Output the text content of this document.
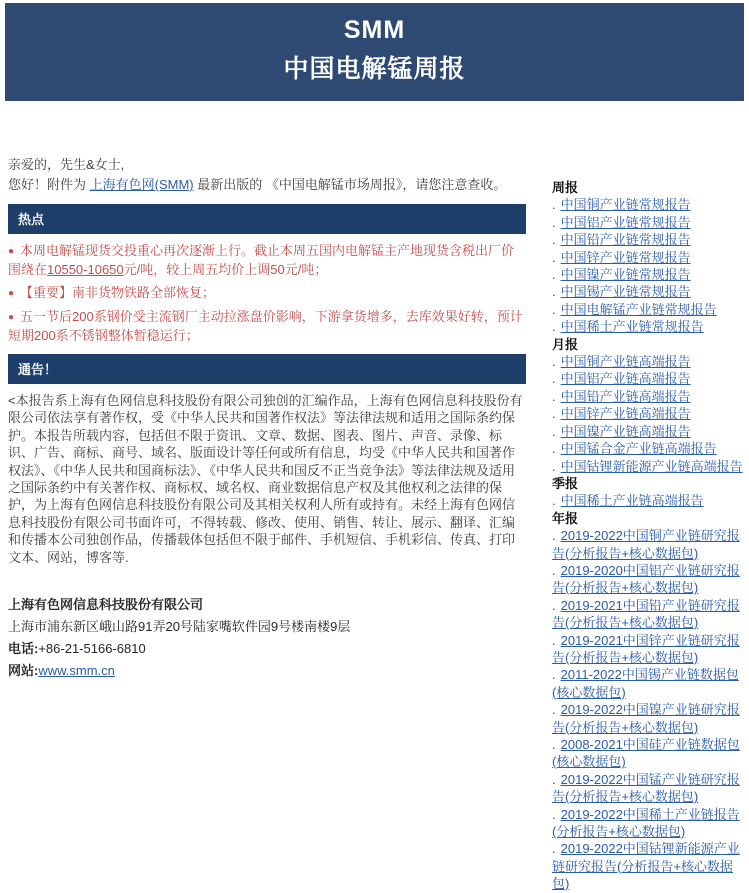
SMM
中国电解锰周报

亲爱的，先生&女士,

您好！附件为 上海有色网(SMM) 最新出版的 《中国电解锰市场周报》，请您注意查收。

热点

● 本周电解锰现货交投重心再次逐渐上行。截止本周五国内电解锰主产地现货含税出厂价围绕在10550-10650元/吨，较上周五均价上调50元/吨；

● 【重要】南非货物铁路全部恢复；

● 五一节后200系钢价受主流钢厂主动拉涨盘价影响，下游拿货增多，去库效果好转，预计短期200系不锈钢整体暂稳运行；

通告！

<本报告系上海有色网信息科技股份有限公司独创的汇编作品，上海有色网信息科技股份有限公司依法享有著作权，受《中华人民共和国著作权法》等法律法规和适用之国际条约保护。本报告所载内容，包括但不限于资讯、文章、数据、图表、图片、声音、录像、标识、广告、商标、商号、域名、版面设计等任何或所有信息，均受《中华人民共和国著作权法》、《中华人民共和国商标法》、《中华人民共和国反不正当竞争法》等法律法规及适用之国际条约中有关著作权、商标权、域名权、商业数据信息产权及其他权利之法律的保护，为上海有色网信息科技股份有限公司及其相关权利人所有或持有。未经上海有色网信息科技股份有限公司书面许可，不得转载、修改、使用、销售、转让、展示、翻译、汇编和传播本公司独创作品，传播载体包括但不限于邮件、手机短信、手机彩信、传真、打印文本、网站，博客等.

上海有色网信息科技股份有限公司

上海市浦东新区峨山路91弄20号陆家嘴软件园9号楼南楼9层

电话:+86-21-5166-6810

网站:www.smm.cn

周报
. 中国铜产业链常规报告
. 中国铝产业链常规报告
. 中国铅产业链常规报告
. 中国锌产业链常规报告
. 中国镍产业链常规报告
. 中国锡产业链常规报告
. 中国电解锰产业链常规报告
. 中国稀土产业链常规报告
月报
. 中国铜产业链高端报告
. 中国铝产业链高端报告
. 中国铅产业链高端报告
. 中国锌产业链高端报告
. 中国镍产业链高端报告
. 中国锰合金产业链高端报告
. 中国钴锂新能源产业链高端报告
季报
. 中国稀土产业链高端报告
年报
. 2019-2022中国铜产业链研究报告(分析报告+核心数据包)
. 2019-2020中国铝产业链研究报告(分析报告+核心数据包)
. 2019-2021中国铅产业链研究报告(分析报告+核心数据包)
. 2019-2021中国锌产业链研究报告(分析报告+核心数据包)
. 2011-2022中国锡产业链数据包(核心数据包)
. 2019-2022中国镍产业链研究报告(分析报告+核心数据包)
. 2008-2021中国硅产业链数据包(核心数据包)
. 2019-2022中国锰产业链研究报告(分析报告+核心数据包)
. 2019-2022中国稀土产业链报告(分析报告+核心数据包)
. 2019-2022中国钴锂新能源产业链研究报告(分析报告+核心数据包)
